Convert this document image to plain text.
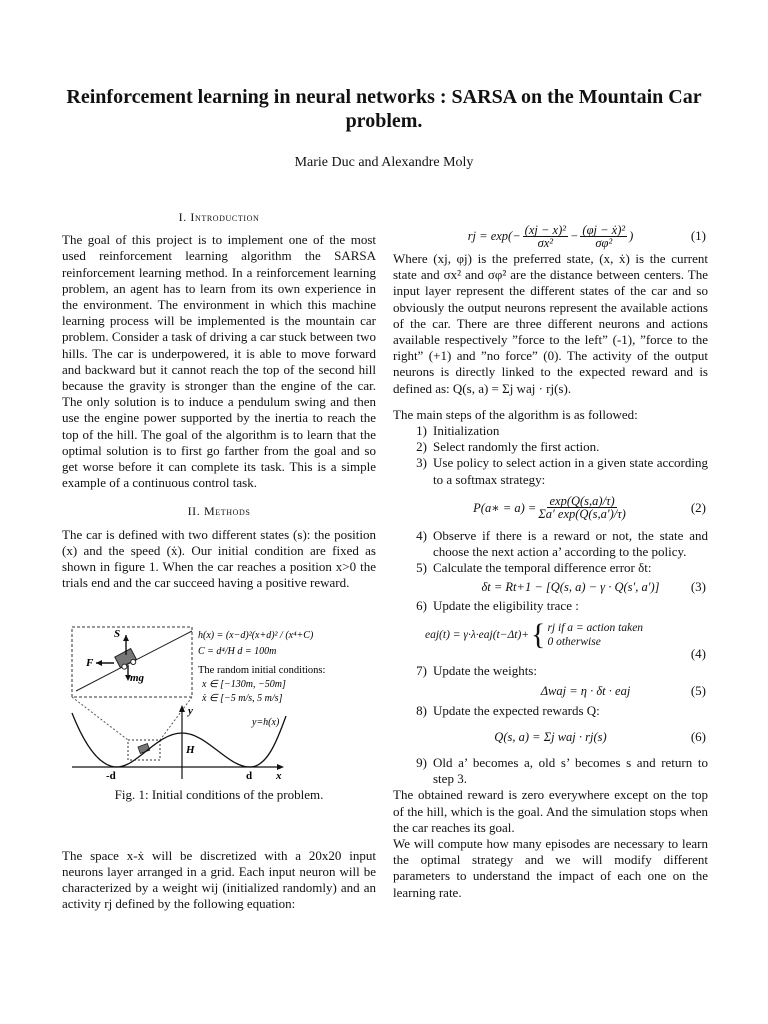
Reinforcement learning in neural networks : SARSA on the Mountain Car problem.
Marie Duc and Alexandre Moly
I. Introduction

The goal of this project is to implement one of the most used reinforcement learning algorithm the SARSA reinforcement learning method. In a reinforcement learning problem, an agent has to learn from its own experience in the environment. The environment in which this machine learning process will be implemented is the mountain car problem. Consider a task of driving a car stuck between two hills. The car is underpowered, it is able to move forward and backward but it cannot reach the top of the second hill because the gravity is stronger than the engine of the car. The only solution is to induce a pendulum swing and then use the engine power supported by the inertia to reach the top of the hill. The goal of the algorithm is to learn that the optimal solution is to first go farther from the goal and so get worse before it can complete its task. This is a simple example of a continuous control task.

II. Methods

The car is defined with two different states (s): the position (x) and the speed (ẋ). Our initial condition are fixed as shown in figure 1. When the car reaches a position x>0 the trials end and the car succeed having a positive reward.

S
F
mg
y
y=h(x)
H
x
-d	d
h(x) = (x−d)²(x+d)² / (x⁴+C)
C = d⁴/H d = 100m
The random initial conditions:
x ∈ [−130m, −50m]
ẋ ∈ [−5 m/s, 5 m/s]
Fig. 1: Initial conditions of the problem.

The space x-ẋ will be discretized with a 20x20 input neurons layer arranged in a grid. Each input neuron will be characterized by a weight wij (initialized randomly) and an activity rj defined by the following equation:

rj = $\exp(- \frac{\text{(xj − x)²}}{\text{σx²}} - \frac{\text{(φj − ẋ)²}}{\text{σφ²}}$ )	(1)

Where (xj, φj) is the preferred state, (x, ẋ) is the current state and σx² and σφ² are the distance between centers. The input layer represent the different states of the car and so obviously the output neurons represent the available actions of the car. There are three different neurons and actions available respectively ”force to the left” (-1), ”force to the right” (+1) and ”no force” (0). The activity of the output neurons is directly linked to the expected reward and is defined as: Q(s, a) = Σj waj · rj(s).

The main steps of the algorithm is as followed:

1) Initialization
2) Select randomly the first action.
3) Use policy to select action in a given state according to a softmax strategy:
P(a∗ = $a) = \frac{\exp(Q(s,a)/\tau)}{\Sigma a' \exp(Q(s,a')/\tau)}$	(2)
4) Observe if there is a reward or not, the state and choose the next action a’ according to the policy.
5) Calculate the temporal difference error δt:
δt = Rt+1 − [Q(s, a) − γ · Q(s′, a′)] (3)
6) Update the eligibility trace :
eaj(t) = γ·λ·eaj(t−Δt)+ { rj if a = action taken
0 otherwise
(4)
7) Update the weights:
Δwaj = η · δt · eaj	(5)
8) Update the expected rewards Q:
Q(s, a) = Σj waj · rj(s)	(6)
9) Old a’ becomes a, old s’ becomes s and return to step 3.

The obtained reward is zero everywhere except on the top of the hill, which is the goal. And the simulation stops when the car reaches its goal.

We will compute how many episodes are necessary to learn the optimal strategy and we will modify different parameters to understand the impact of each one on the learning rate.
